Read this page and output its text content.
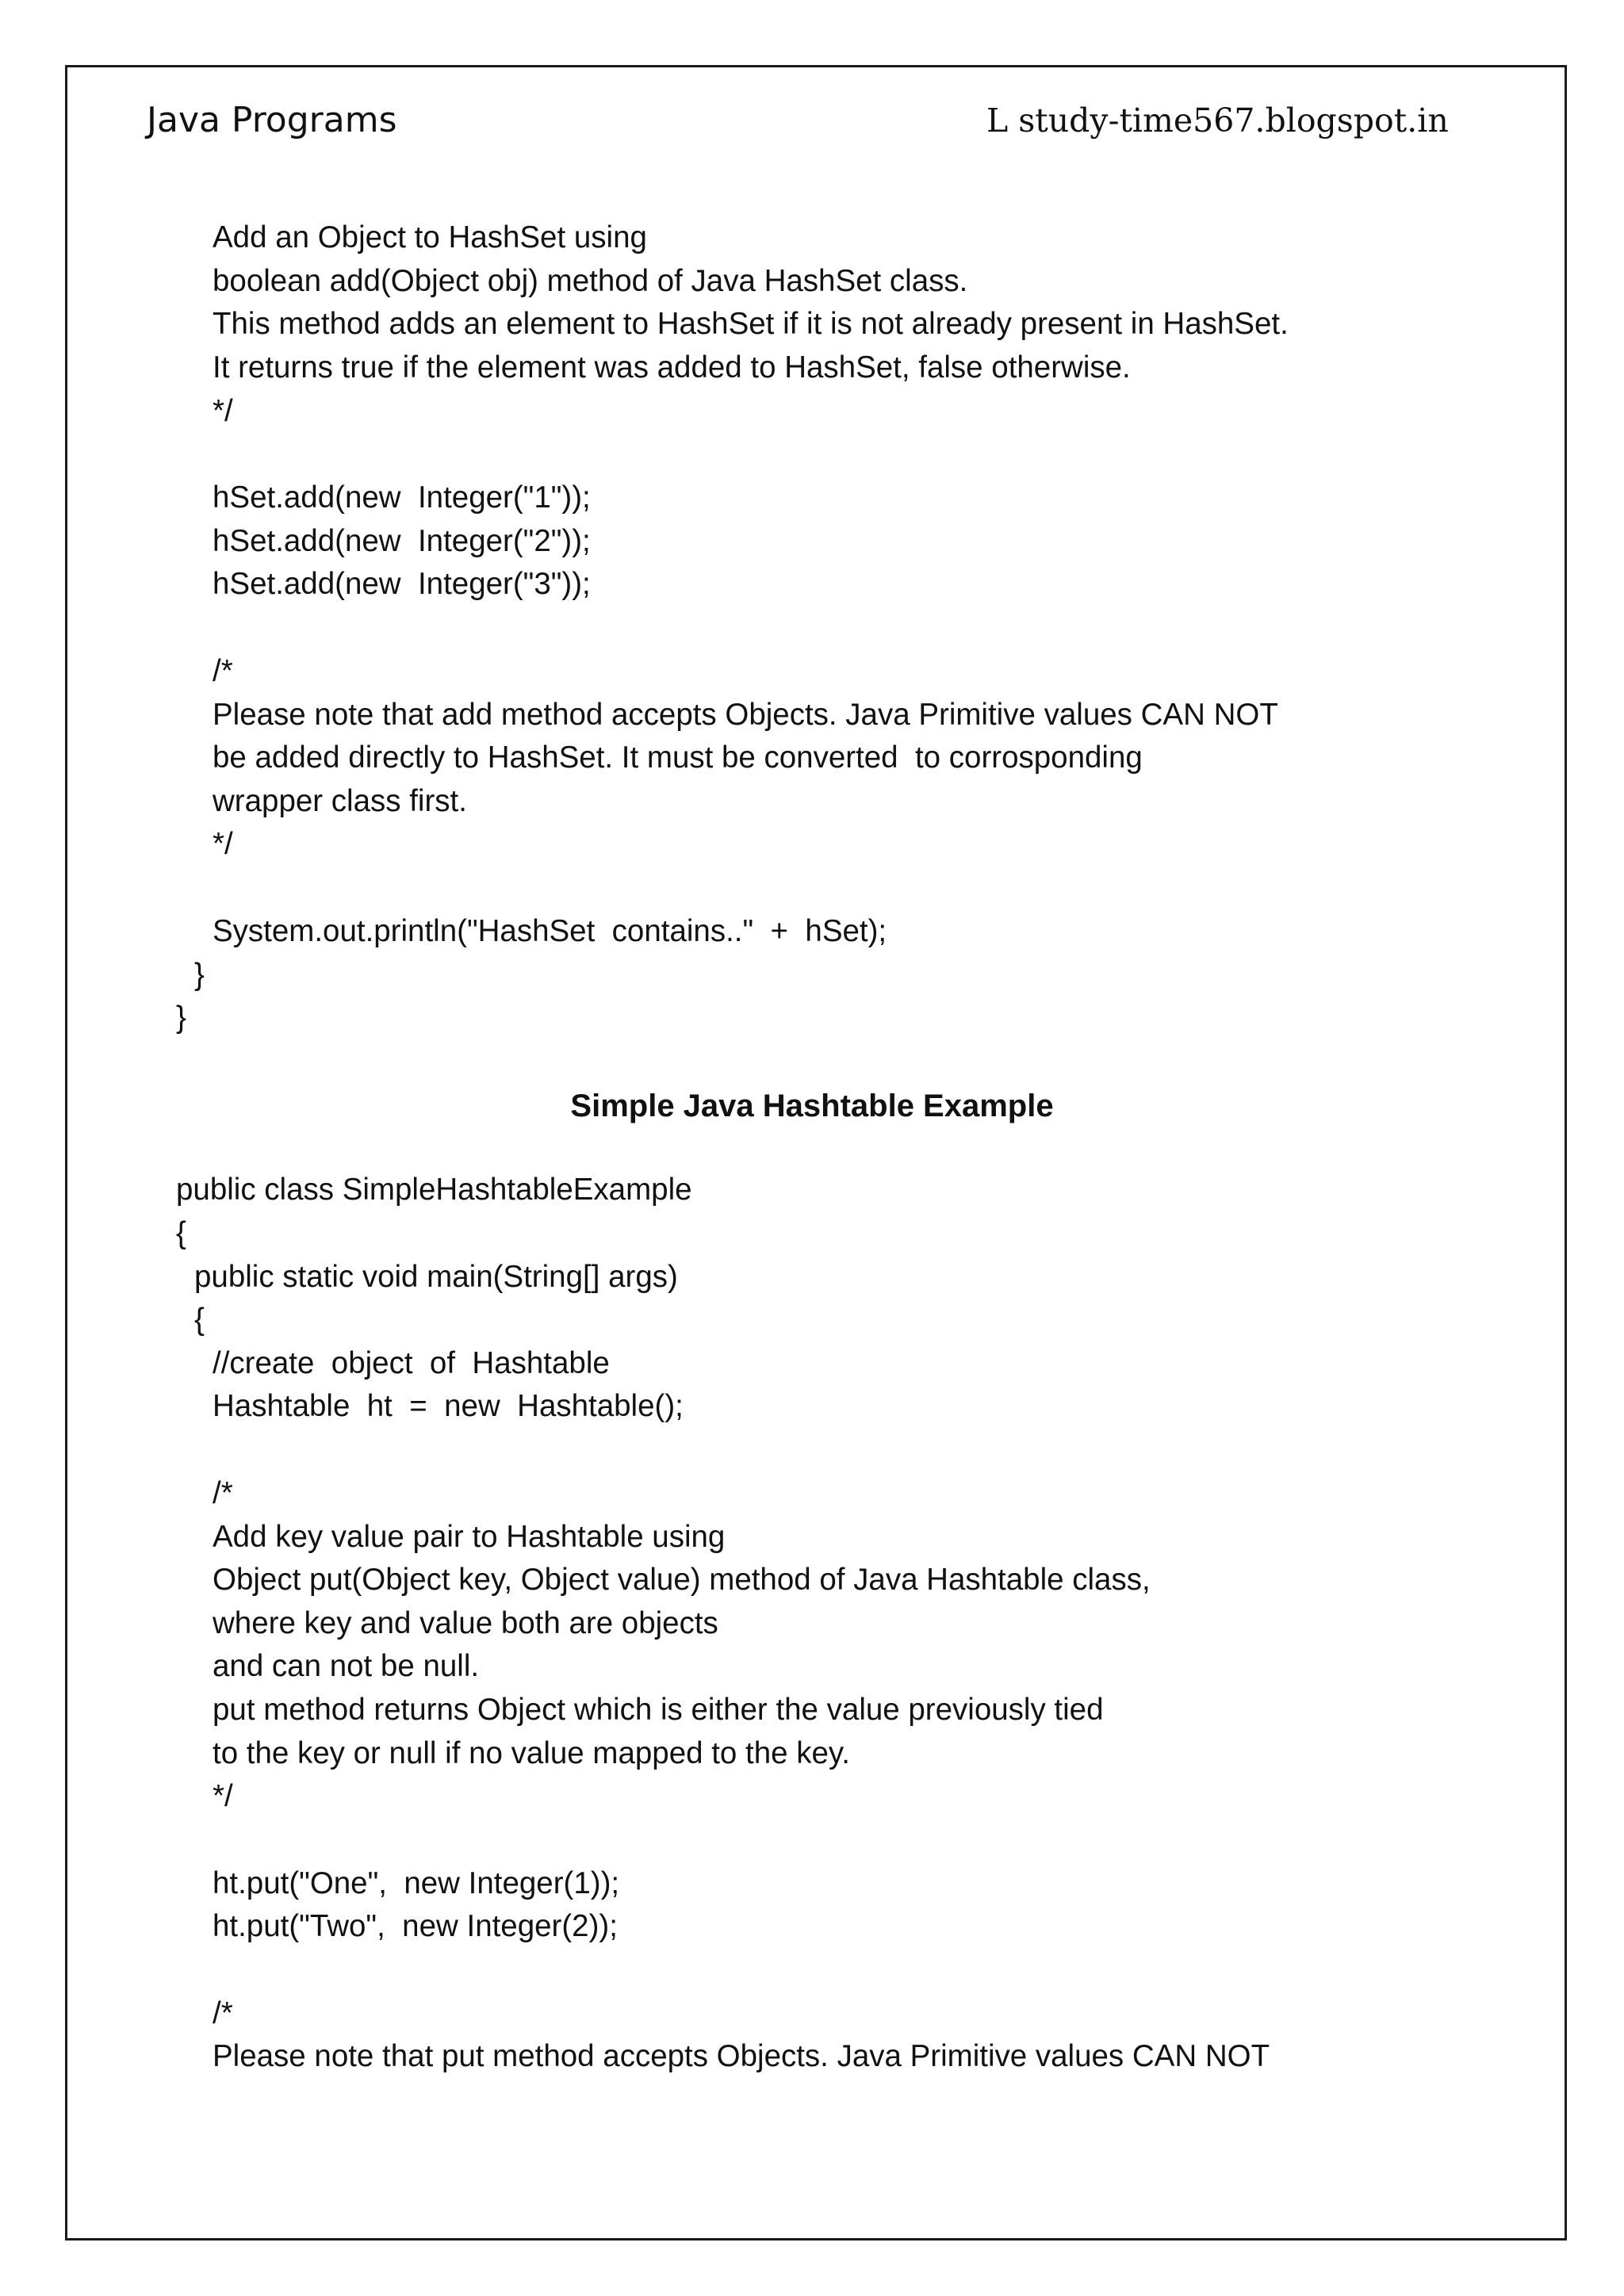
Java Programs	L study-time567.blogspot.in
Add an Object to HashSet using
boolean add(Object obj) method of Java HashSet class.
This method adds an element to HashSet if it is not already present in HashSet.
It returns true if the element was added to HashSet, false otherwise.
*/
hSet.add(new  Integer("1"));
hSet.add(new  Integer("2"));
hSet.add(new  Integer("3"));
/*
Please note that add method accepts Objects. Java Primitive values CAN NOT
be added directly to HashSet. It must be converted  to corrosponding
wrapper class first.
*/
System.out.println("HashSet  contains.."  +  hSet);
}
}
Simple Java Hashtable Example
public class SimpleHashtableExample
{
public static void main(String[] args)
{
//create  object  of  Hashtable
Hashtable  ht  =  new  Hashtable();
/*
Add key value pair to Hashtable using
Object put(Object key, Object value) method of Java Hashtable class,
where key and value both are objects
and can not be null.
put method returns Object which is either the value previously tied
to the key or null if no value mapped to the key.
*/
ht.put("One",  new Integer(1));
ht.put("Two",  new Integer(2));
/*
Please note that put method accepts Objects. Java Primitive values CAN NOT
